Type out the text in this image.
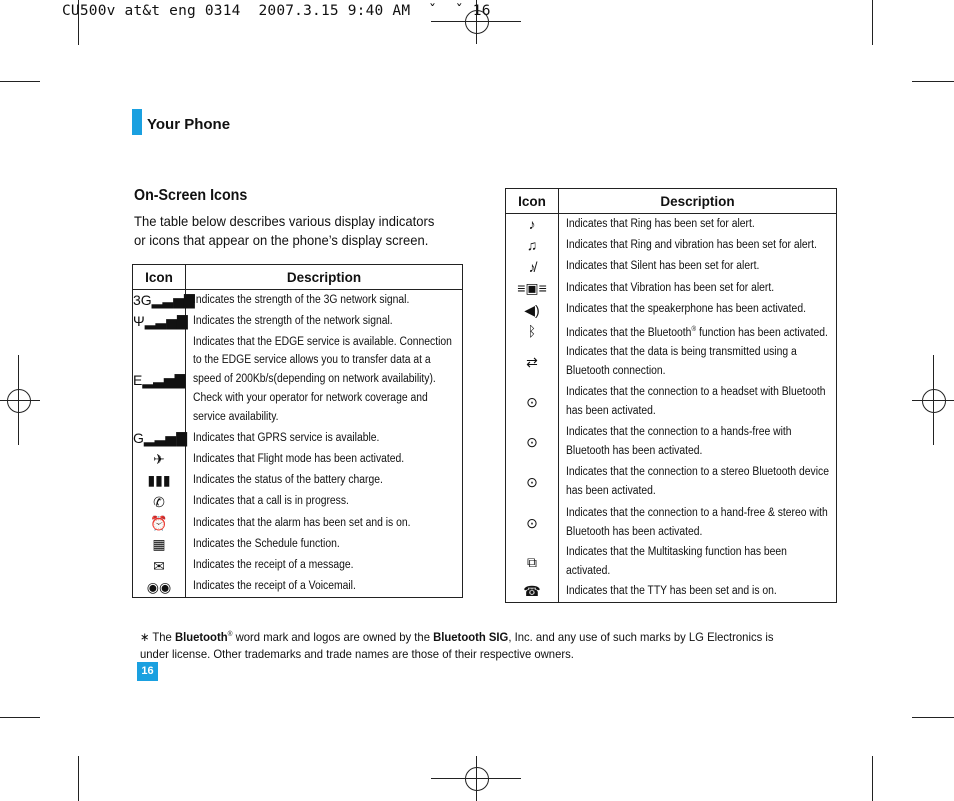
CU500v at&t eng 0314  2007.3.15 9:40 AM  ˇ  ˇ 16
Your Phone
On-Screen Icons
The table below describes various display indicators or icons that appear on the phone’s display screen.
Icon	Description
3G▂▃▅▇	Indicates the strength of the 3G network signal.
Ψ▂▃▅▇	Indicates the strength of the network signal.
E▂▃▅▇	Indicates that the EDGE service is available. Connection to the EDGE service allows you to transfer data at a speed of 200Kb/s(depending on network availability). Check with your operator for network coverage and service availability.
G▂▃▅▇	Indicates that GPRS service is available.
✈	Indicates that Flight mode has been activated.
▮▮▮	Indicates the status of the battery charge.
✆	Indicates that a call is in progress.
⏰	Indicates that the alarm has been set and is on.
▦	Indicates the Schedule function.
✉	Indicates the receipt of a message.
◉◉	Indicates the receipt of a Voicemail.
Icon	Description
♪	Indicates that Ring has been set for alert.
♫	Indicates that Ring and vibration has been set for alert.
♪̸	Indicates that Silent has been set for alert.
≡▣≡	Indicates that Vibration has been set for alert.
◀)	Indicates that the speakerphone has been activated.
ᛒ	Indicates that the Bluetooth® function has been activated.
⇄	Indicates that the data is being transmitted using a Bluetooth connection.
⊙	Indicates that the connection to a headset with Bluetooth has been activated.
⊙	Indicates that the connection to a hands-free with Bluetooth has been activated.
⊙	Indicates that the connection to a stereo Bluetooth device has been activated.
⊙	Indicates that the connection to a hand-free & stereo with Bluetooth has been activated.
⧉	Indicates that the Multitasking function has been activated.
☎	Indicates that the TTY has been set and is on.
∗ The Bluetooth® word mark and logos are owned by the Bluetooth SIG, Inc. and any use of such marks by LG Electronics is under license. Other trademarks and trade names are those of their respective owners.
16
